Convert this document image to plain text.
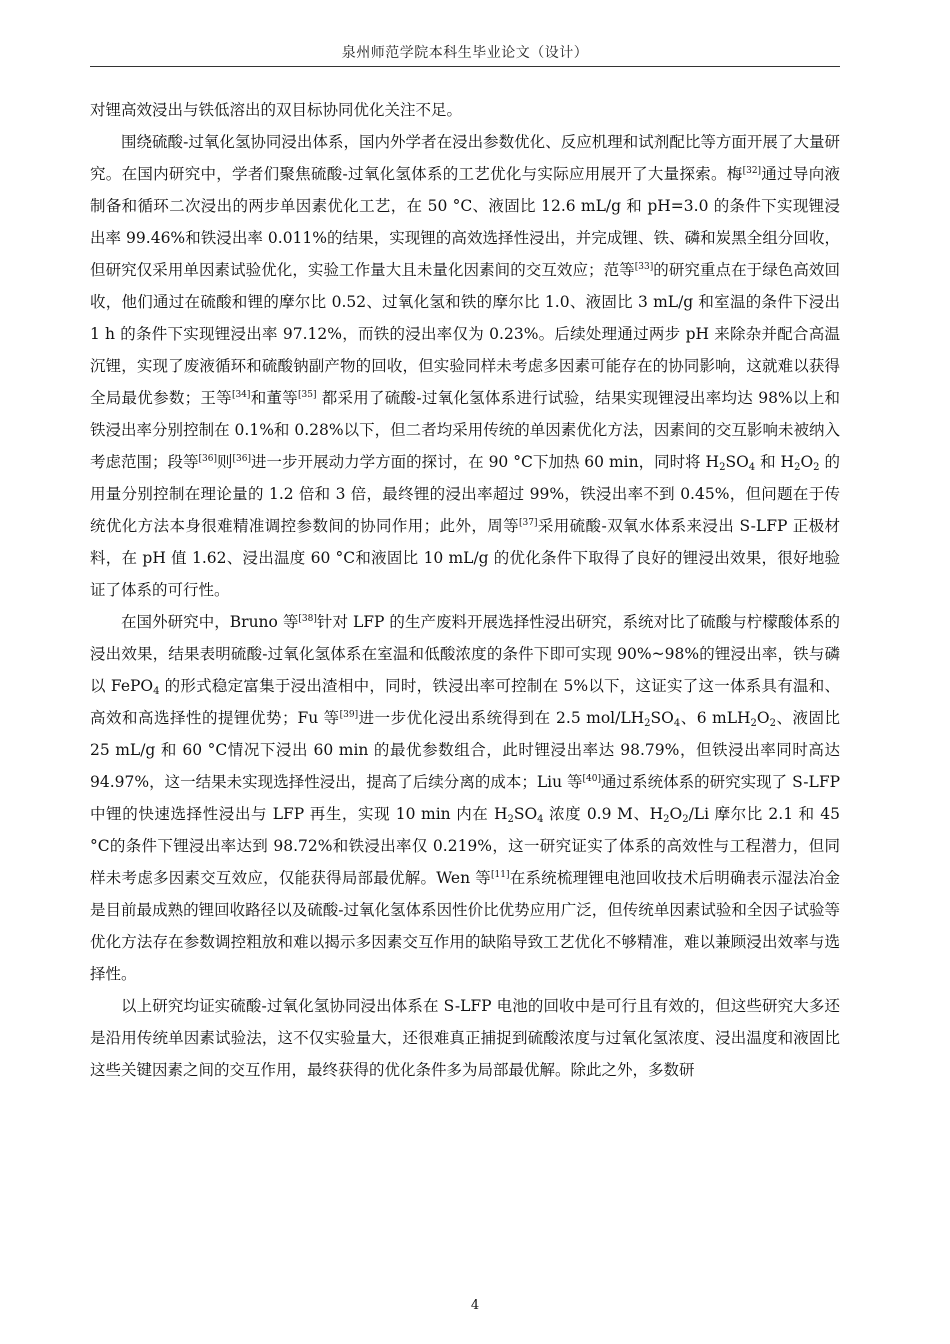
泉州师范学院本科生毕业论文（设计）

对锂高效浸出与铁低溶出的双目标协同优化关注不足。

围绕硫酸-过氧化氢协同浸出体系，国内外学者在浸出参数优化、反应机理和试剂配比等方面开展了大量研究。在国内研究中，学者们聚焦硫酸-过氧化氢体系的工艺优化与实际应用展开了大量探索。梅[32]通过导向液制备和循环二次浸出的两步单因素优化工艺，在 50 °C、液固比 12.6 mL/g 和 pH=3.0 的条件下实现锂浸出率 99.46%和铁浸出率 0.011%的结果，实现锂的高效选择性浸出，并完成锂、铁、磷和炭黑全组分回收，但研究仅采用单因素试验优化，实验工作量大且未量化因素间的交互效应；范等[33]的研究重点在于绿色高效回收，他们通过在硫酸和锂的摩尔比 0.52、过氧化氢和铁的摩尔比 1.0、液固比 3 mL/g 和室温的条件下浸出 1 h 的条件下实现锂浸出率 97.12%，而铁的浸出率仅为 0.23%。后续处理通过两步 pH 来除杂并配合高温沉锂，实现了废液循环和硫酸钠副产物的回收，但实验同样未考虑多因素可能存在的协同影响，这就难以获得全局最优参数；王等[34]和董等[35] 都采用了硫酸-过氧化氢体系进行试验，结果实现锂浸出率均达 98%以上和铁浸出率分别控制在 0.1%和 0.28%以下，但二者均采用传统的单因素优化方法，因素间的交互影响未被纳入考虑范围；段等[36]则[36]进一步开展动力学方面的探讨，在 90 °C下加热 60 min，同时将 $H_2SO_4$ 和 $H_2O_2$ 的用量分别控制在理论量的 1.2 倍和 3 倍，最终锂的浸出率超过 99%，铁浸出率不到 0.45%，但问题在于传统优化方法本身很难精准调控参数间的协同作用；此外，周等[37]采用硫酸-双氧水体系来浸出 S-LFP 正极材料，在 pH 值 1.62、浸出温度 60 °C和液固比 10 mL/g 的优化条件下取得了良好的锂浸出效果，很好地验证了体系的可行性。

在国外研究中，Bruno 等[38]针对 LFP 的生产废料开展选择性浸出研究，系统对比了硫酸与柠檬酸体系的浸出效果，结果表明硫酸-过氧化氢体系在室温和低酸浓度的条件下即可实现 90%~98%的锂浸出率，铁与磷以 FePO$_4$ 的形式稳定富集于浸出渣相中，同时，铁浸出率可控制在 5%以下，这证实了这一体系具有温和、高效和高选择性的提锂优势；Fu 等[39]进一步优化浸出系统得到在 2.5 mol/$LH_2SO_4$、6 $mLH_2O_2$、液固比 25 mL/g 和 60 °C情况下浸出 60 min 的最优参数组合，此时锂浸出率达 98.79%，但铁浸出率同时高达 94.97%，这一结果未实现选择性浸出，提高了后续分离的成本；Liu 等[40]通过系统体系的研究实现了 S-LFP 中锂的快速选择性浸出与 LFP 再生，实现 10 min 内在 $H_2SO_4$ 浓度 0.9 M、$H_2O_2/Li$ 摩尔比 2.1 和 45 °C的条件下锂浸出率达到 98.72%和铁浸出率仅 0.219%，这一研究证实了体系的高效性与工程潜力，但同样未考虑多因素交互效应，仅能获得局部最优解。Wen 等[11]在系统梳理锂电池回收技术后明确表示湿法冶金是目前最成熟的锂回收路径以及硫酸-过氧化氢体系因性价比优势应用广泛，但传统单因素试验和全因子试验等优化方法存在参数调控粗放和难以揭示多因素交互作用的缺陷导致工艺优化不够精准，难以兼顾浸出效率与选择性。

以上研究均证实硫酸-过氧化氢协同浸出体系在 S-LFP 电池的回收中是可行且有效的，但这些研究大多还是沿用传统单因素试验法，这不仅实验量大，还很难真正捕捉到硫酸浓度与过氧化氢浓度、浸出温度和液固比这些关键因素之间的交互作用，最终获得的优化条件多为局部最优解。除此之外，多数研

4
